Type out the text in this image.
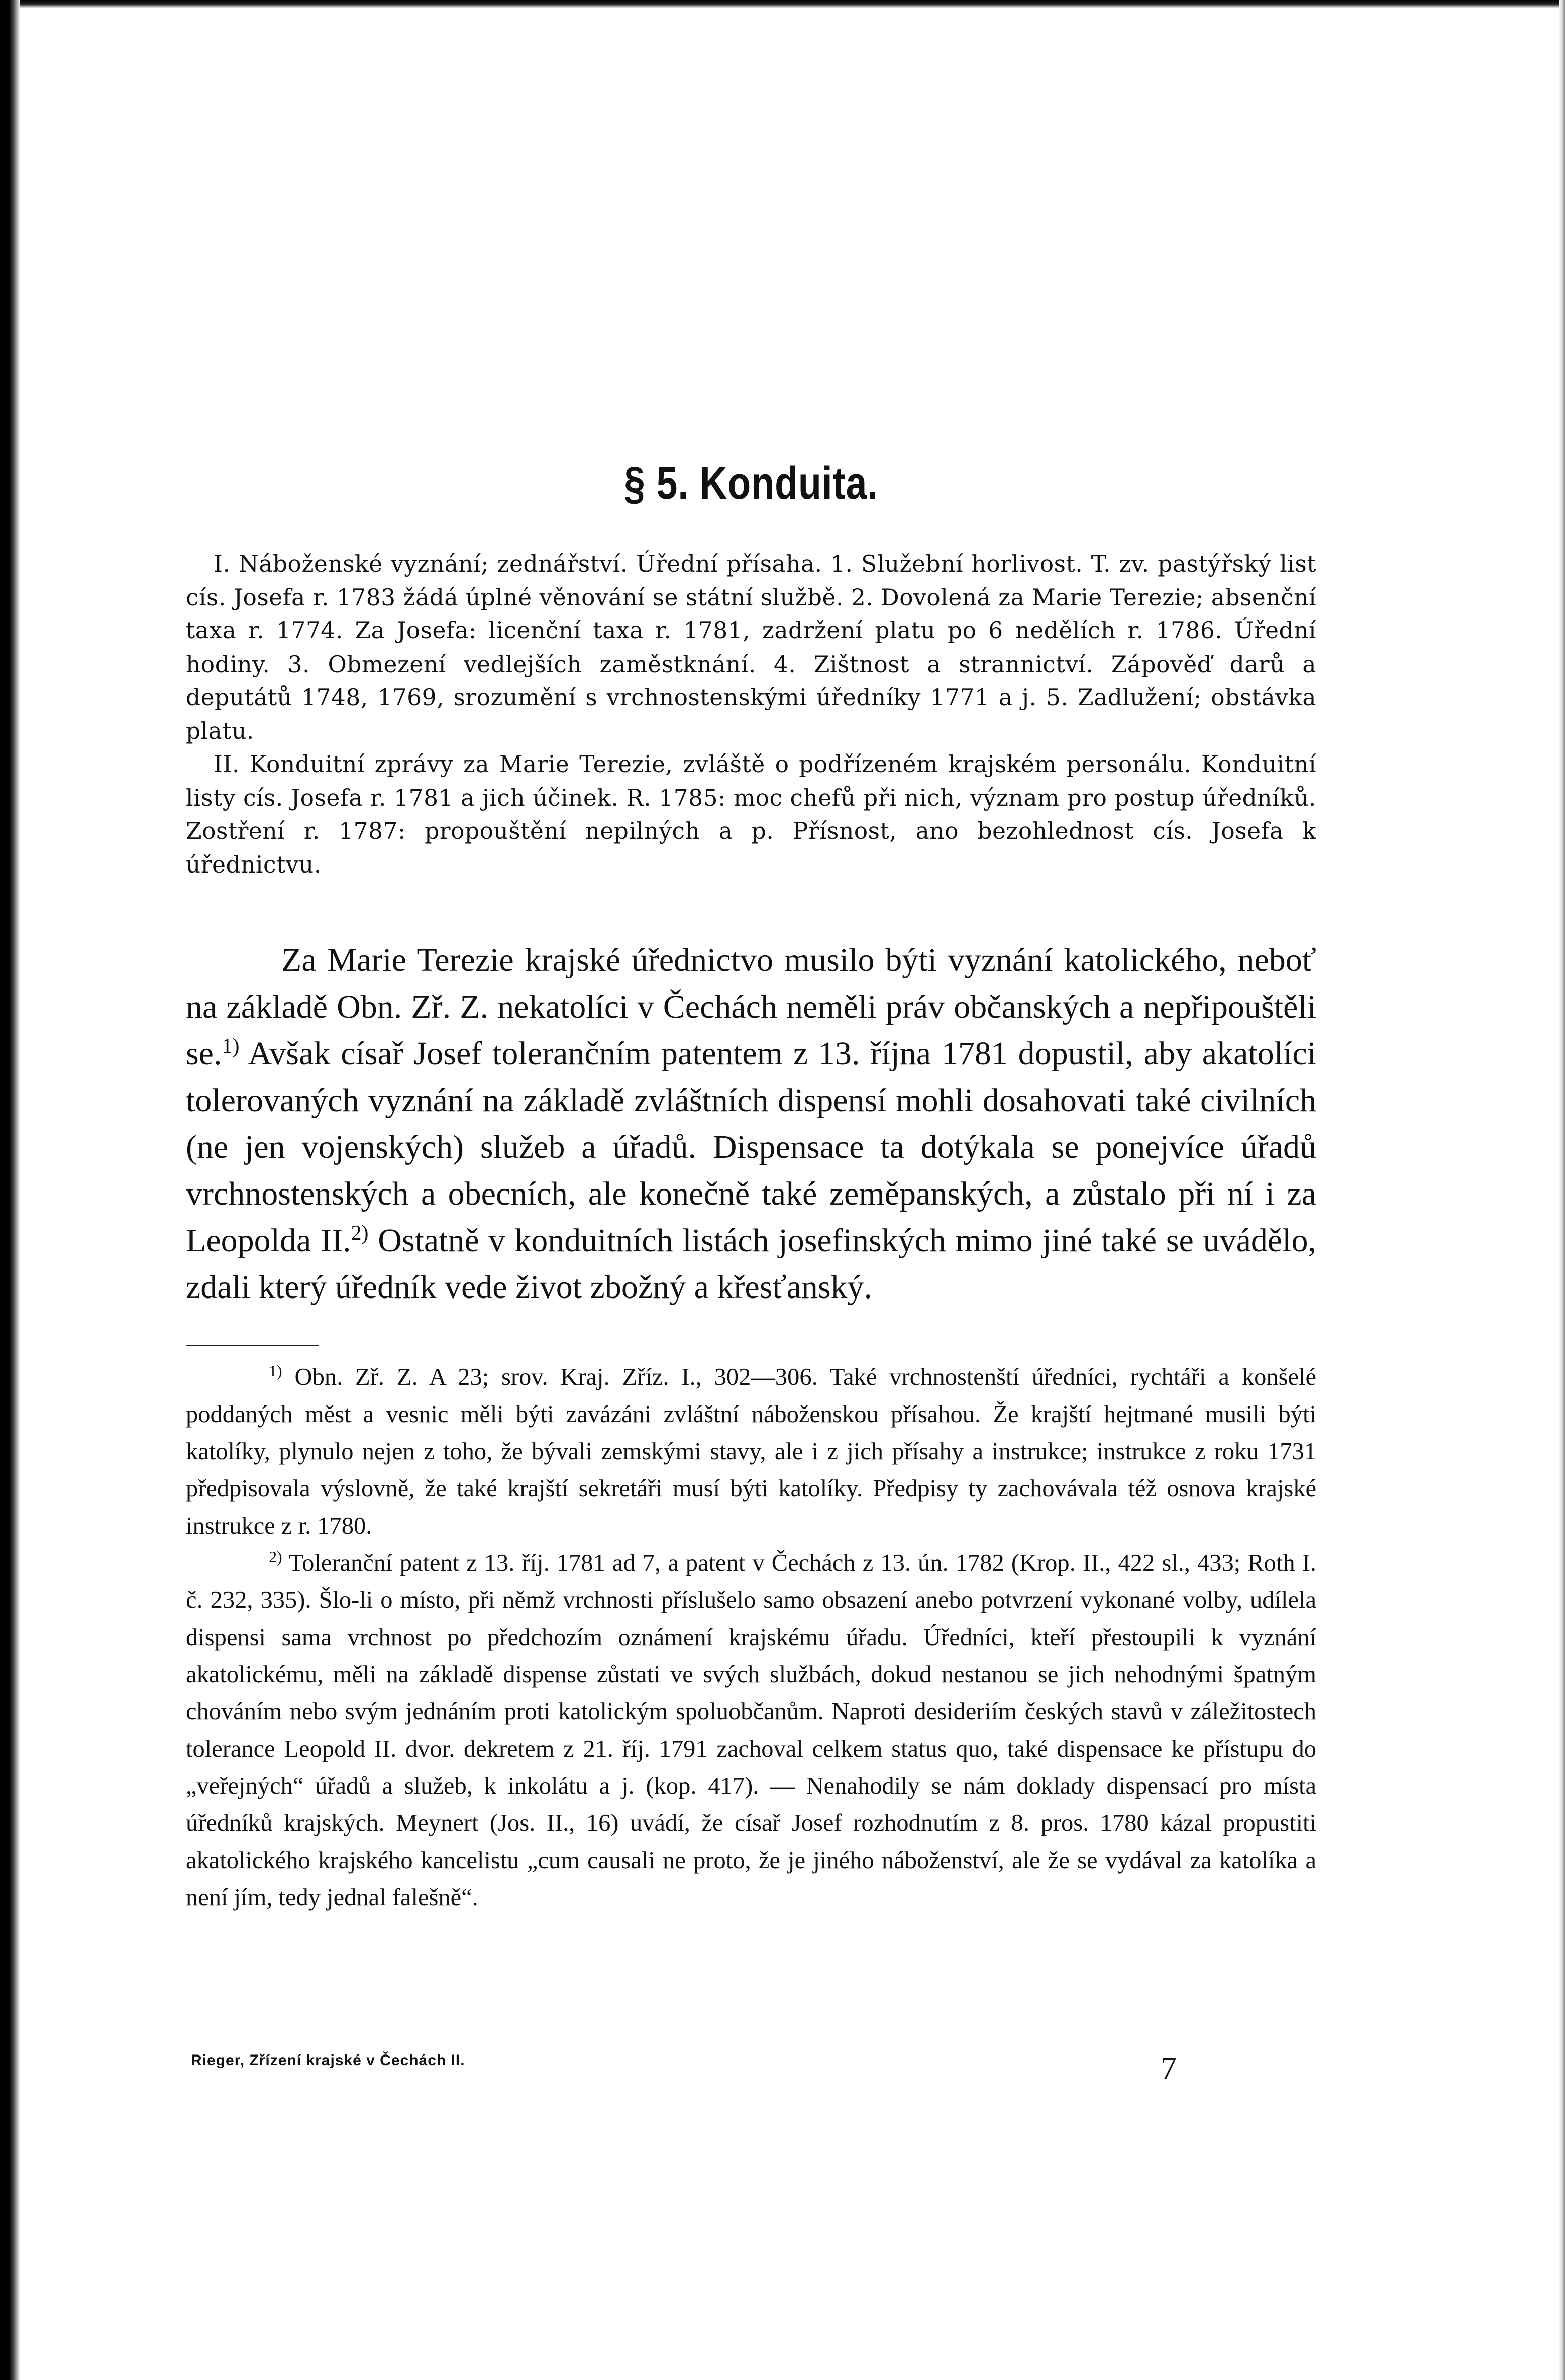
§ 5. Konduita.

I. Náboženské vyznání; zednářství. Úřední přísaha. 1. Služební horlivost. T. zv. pastýřský list cís. Josefa r. 1783 žádá úplné věnování se státní službě. 2. Dovolená za Marie Terezie; absenční taxa r. 1774. Za Josefa: licenční taxa r. 1781, zadržení platu po 6 nedělích r. 1786. Úřední hodiny. 3. Obmezení vedlejších zaměstknání. 4. Zištnost a strannictví. Zápověď darů a deputátů 1748, 1769, srozumění s vrchnostenskými úředníky 1771 a j. 5. Zadlužení; obstávka platu.

II. Konduitní zprávy za Marie Terezie, zvláště o podřízeném krajském personálu. Konduitní listy cís. Josefa r. 1781 a jich účinek. R. 1785: moc chefů při nich, význam pro postup úředníků. Zostření r. 1787: propouštění nepilných a p. Přísnost, ano bezohlednost cís. Josefa k úřednictvu.

Za Marie Terezie krajské úřednictvo musilo býti vyznání katolického, neboť na základě Obn. Zř. Z. nekatolíci v Čechách neměli práv občanských a nepřipouštěli se.$^{1)}$ Avšak císař Josef tolerančním patentem z 13. října 1781 dopustil, aby akatolíci tolerovaných vyznání na základě zvláštních dispensí mohli dosahovati také civilních (ne jen vojenských) služeb a úřadů. Dispensace ta dotýkala se ponejvíce úřadů vrchnostenských a obecních, ale konečně také zeměpanských, a zůstalo při ní i za Leopolda II.$^{2)}$ Ostatně v konduitních listách josefinských mimo jiné také se uvádělo, zdali který úředník vede život zbožný a křesťanský.

$^{1)}$ Obn. Zř. Z. A 23; srov. Kraj. Zříz. I., 302—306. Také vrchnostenští úředníci, rychtáři a konšelé poddaných měst a vesnic měli býti zavázáni zvláštní náboženskou přísahou. Že krajští hejtmané musili býti katolíky, plynulo nejen z toho, že bývali zemskými stavy, ale i z jich přísahy a instrukce; instrukce z roku 1731 předpisovala výslovně, že také krajští sekretáři musí býti katolíky. Předpisy ty zachovávala též osnova krajské instrukce z r. 1780.

$^{2)}$ Toleranční patent z 13. říj. 1781 ad 7, a patent v Čechách z 13. ún. 1782 (Krop. II., 422 sl., 433; Roth I. č. 232, 335). Šlo-li o místo, při němž vrchnosti příslušelo samo obsazení anebo potvrzení vykonané volby, udílela dispensi sama vrchnost po předchozím oznámení krajskému úřadu. Úředníci, kteří přestoupili k vyznání akatolickému, měli na základě dispense zůstati ve svých službách, dokud nestanou se jich nehodnými špatným chováním nebo svým jednáním proti katolickým spoluobčanům. Naproti desideriím českých stavů v záležitostech tolerance Leopold II. dvor. dekretem z 21. říj. 1791 zachoval celkem status quo, také dispensace ke přístupu do „veřejných“ úřadů a služeb, k inkolátu a j. (kop. 417). — Nenahodily se nám doklady dispensací pro místa úředníků krajských. Meynert (Jos. II., 16) uvádí, že císař Josef rozhodnutím z 8. pros. 1780 kázal propustiti akatolického krajského kancelistu „cum causali ne proto, že je jiného náboženství, ale že se vydával za katolíka a není jím, tedy jednal falešně“.

Rieger, Zřízení krajské v Čechách II.	7
